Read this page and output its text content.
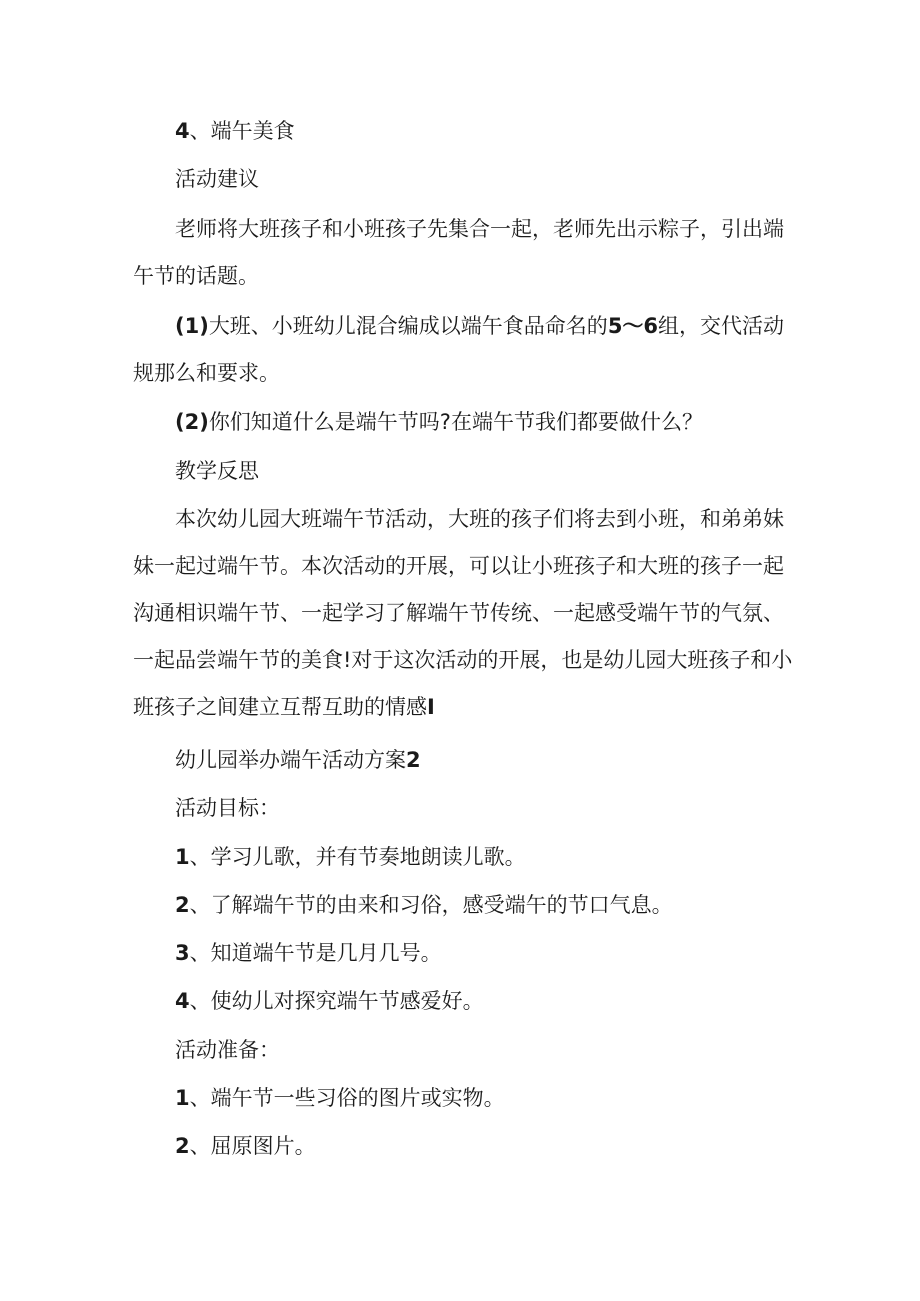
4、端午美食

活动建议

老师将大班孩子和小班孩子先集合一起，老师先出示粽子，引出端午节的话题。

(1)大班、小班幼儿混合编成以端午食品命名的5〜6组，交代活动规那么和要求。

(2)你们知道什么是端午节吗?在端午节我们都要做什么？

教学反思

本次幼儿园大班端午节活动，大班的孩子们将去到小班，和弟弟妹妹一起过端午节。本次活动的开展，可以让小班孩子和大班的孩子一起沟通相识端午节、一起学习了解端午节传统、一起感受端午节的气氛、一起品尝端午节的美食!对于这次活动的开展，也是幼儿园大班孩子和小班孩子之间建立互帮互助的情感I

幼儿园举办端午活动方案2

活动目标：

1、学习儿歌，并有节奏地朗读儿歌。

2、了解端午节的由来和习俗，感受端午的节口气息。

3、知道端午节是几月几号。

4、使幼儿对探究端午节感爱好。

活动准备：

1、端午节一些习俗的图片或实物。

2、屈原图片。
